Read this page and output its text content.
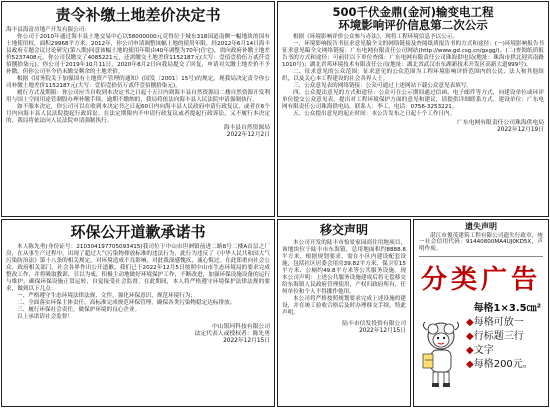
责令补缴土地差价决定书

海丰县海富房地产开发有限公司：

你公司于2010年通过海丰县土地交易中心以58000000元竞得位于城东318国道南侧一幅地块的国有土地使用权，面积29968平方米。2012年，你公司申请调整该幅土地的使用年限，经2012年6月14日海丰县政府专题会议讨论研究(第八期)同意该幅土地的使用年限由40年调整为70年(住宅)，需向政府补缴土地差价5237408元，你公司仅缴交了4085221元，还需缴交土地差价1152187元(大写：壹佰壹拾伍万贰仟壹佰捌拾柒元)。你公司于2019年10月11日、2020年8月2日向我局提交了回复，申请对欠缴土地差价不予补缴，但你公司至今仍未缴交剩余的土地差价。

根据《国务院关于加强国有土地资产管理的通知》(国发〔2001〕15号)的规定，现我局决定责令你公司补缴土地差价1152187元(大写：壹佰壹拾伍万贰仟壹佰捌拾柒元)。

履行方式及期限：你公司应当自收到本决定书之日起十五日内到海丰县自然资源局二楼自然资源开发利用与国土空间用途管制股办理补缴手续，逾期不缴纳的，我局将依法向海丰县人民法院申请强制执行。

如不服本决定，你公司可以在收到本决定书之日起60日内向海丰县人民政府申请行政复议，或者在6个月内向海丰县人民法院提起行政诉讼。在法定期限内不申请行政复议或者提起行政诉讼，又不履行本决定的，我局将依法向人民法院申请强制执行。

海丰县自然资源局

2022年12月2日

环保公开道歉承诺书

本人陈先勇(身份证号：210304197705093415)我司位于中山市坦洲镇前进二路8号二楼A首层之厂房，在从事生产过程中，出现了超过大气污染物排放标准的违法行为，此行为违反了《中华人民共和国大气污染防治法》第十八条的相关规定，对环境造成不良影响，对此我深感愧疚，诚心悔过。在此郑重向社会公众、政府相关部门、社会各界作出公开道歉。我们已于2022年12月5日按照中山市生态环境局的要求完成整改工作，并将吸取教训、引以为戒，积极主动地做好环境保护工作，不断改进，加强环保设施设备的运行与维护，确保环保设施正常运转，自觉接受社会监督。在此期间，本人将严格遵守环境保护法律法规的要求，做到以下几点：

一、严格遵守生态环境法律法规、文件，强化环保意识，规范环境行为；

二、全面落实环保主体责任，高标准完成规范环保管理，确保各类污染物稳定达标排放；

三、履行环保社会责任，做保护环境的良心企业。

以上承诺请社会监督！

中山银珂科技有限公司

法定代表人或授权者：陈先勇

2022年12月15日

500千伏金鼎(金河)输变电工程
环境影响评价信息第二次公示

根据《环境影响评价公众参与办法》，现将工程环境信息予以公示。

一、环境影响报告书征求意见稿全文的网络链接及查阅纸质报告书的方式和途径：(一)环境影响报告书征求意见稿全文网络链接：广东电网有限责任公司网站(http://www.gd.csg.cn/gxgg/)。(二)查阅纸质报告书的方式和途径：可前往以下单位查阅：广东电网有限责任公司珠海供电局(地址：珠海市拱北迎宾南路1010号)；湖北君邦环境技术有限责任公司(地址：湖北省武汉市东湖新技术开发区高新大道999号)。

二、征求意见的公众范围：征求意见的公众范围为工程环境影响评价范围内的公民、法人和其他组织，以及关心本工程建设的社会各界人士。

三、公众意见表的网络链接：公众可通过上述网站下载公众意见表填写。

四、公众提出意见的方式和途径：公众可在公示期间通过信函、电子邮件等方式，向建设单位或环评单位提交公众意见表，提出对工程环境保护方面的意见和建议，请提供详细联系方式。建设单位：广东电网有限责任公司珠海供电局，联系人：李工，电话：0756-3253221。

五、公众提出意见的起止时间：本公告发布之日起十个工作日内。

广东电网有限责任公司珠海供电局

2022年12月19日

移交声明

本公司开发的陆丰市怡景家园商住用地项目，该地块位于陆丰市东海镇，总用地面积约8888.8平方米，根据规划要求，需在小区内建设配套设施，包括社区居委会用房39.82平方米、保卫室15平方米、公厕约49.8平方米等公共服务设施。现本公司声明：上述公共服务设施建成后将无偿移交给东海镇人民政府管理使用，产权归政府所有，任何单位和个人不得挪作他用。

本公司将严格按照规划要求完成上述设施的建设，并在竣工验收合格后及时办理移交手续。特此声明。

陆丰市信发投资有限公司

2022年12月15日

遗失声明

湛江市俊茂建筑工程有限公司遗失行政章，统一社会信用代码：91440800MA4UJ0KD5X，声明作废。

分类广告
每格1×3.5㎝²

◆每格可放一

◆行标题三行

◆文字

◆每格200元。
